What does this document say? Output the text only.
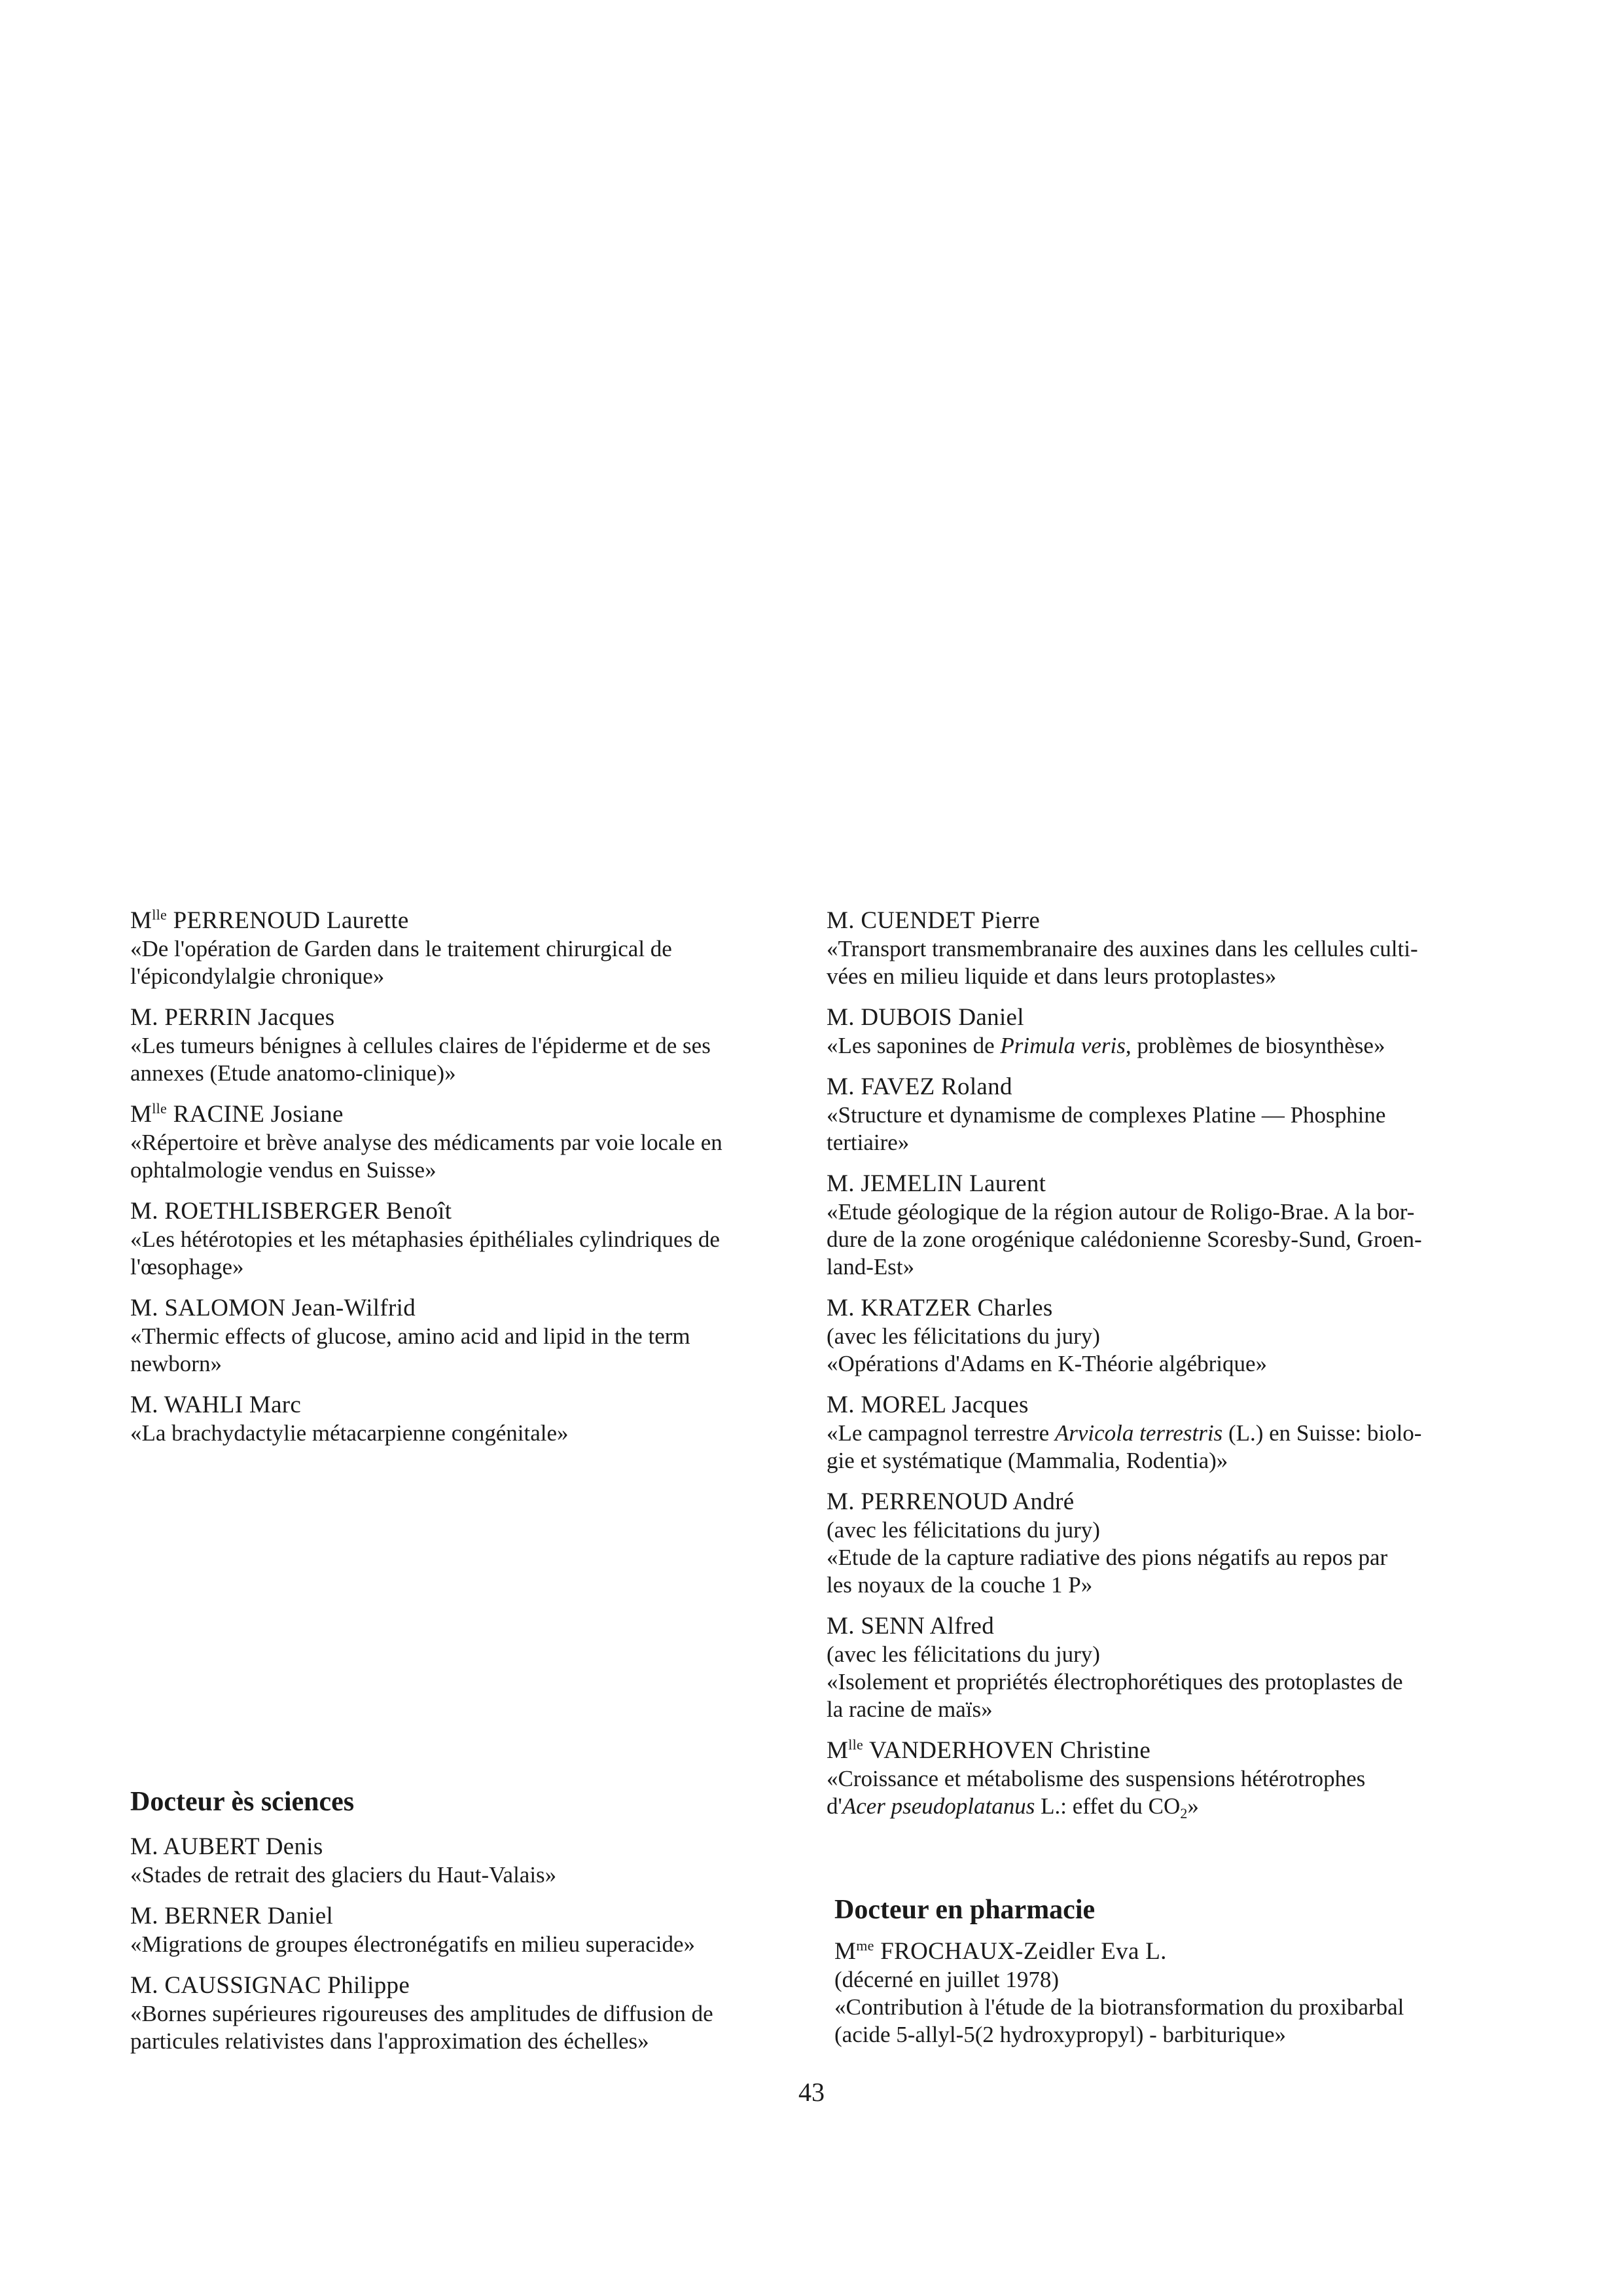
$M^{lle}$ PERRENOUD Laurette
«De l'opération de Garden dans le traitement chirurgical de
l'épicondylalgie chronique»
M. PERRIN Jacques
«Les tumeurs bénignes à cellules claires de l'épiderme et de ses
annexes (Etude anatomo-clinique)»
$M^{lle}$ RACINE Josiane
«Répertoire et brève analyse des médicaments par voie locale en
ophtalmologie vendus en Suisse»
M. ROETHLISBERGER Benoît
«Les hétérotopies et les métaphasies épithéliales cylindriques de
l'œsophage»
M. SALOMON Jean-Wilfrid
«Thermic effects of glucose, amino acid and lipid in the term
newborn»
M. WAHLI Marc
«La brachydactylie métacarpienne congénitale»
Docteur ès sciences
M. AUBERT Denis
«Stades de retrait des glaciers du Haut-Valais»
M. BERNER Daniel
«Migrations de groupes électronégatifs en milieu superacide»
M. CAUSSIGNAC Philippe
«Bornes supérieures rigoureuses des amplitudes de diffusion de
particules relativistes dans l'approximation des échelles»
M. CUENDET Pierre
«Transport transmembranaire des auxines dans les cellules culti-
vées en milieu liquide et dans leurs protoplastes»
M. DUBOIS Daniel
«Les saponines de Primula veris, problèmes de biosynthèse»
M. FAVEZ Roland
«Structure et dynamisme de complexes Platine — Phosphine
tertiaire»
M. JEMELIN Laurent
«Etude géologique de la région autour de Roligo-Brae. A la bor-
dure de la zone orogénique calédonienne Scoresby-Sund, Groen-
land-Est»
M. KRATZER Charles
(avec les félicitations du jury)
«Opérations d'Adams en K-Théorie algébrique»
M. MOREL Jacques
«Le campagnol terrestre Arvicola terrestris (L.) en Suisse: biolo-
gie et systématique (Mammalia, Rodentia)»
M. PERRENOUD André
(avec les félicitations du jury)
«Etude de la capture radiative des pions négatifs au repos par
les noyaux de la couche 1 P»
M. SENN Alfred
(avec les félicitations du jury)
«Isolement et propriétés électrophorétiques des protoplastes de
la racine de maïs»
$M^{lle}$ VANDERHOVEN Christine
«Croissance et métabolisme des suspensions hétérotrophes
d'Acer pseudoplatanus L.: effet du $CO_2$»
Docteur en pharmacie
$M^{me}$ FROCHAUX-Zeidler Eva L.
(décerné en juillet 1978)
«Contribution à l'étude de la biotransformation du proxibarbal
(acide 5-allyl-5(2 hydroxypropyl) - barbiturique»
43
